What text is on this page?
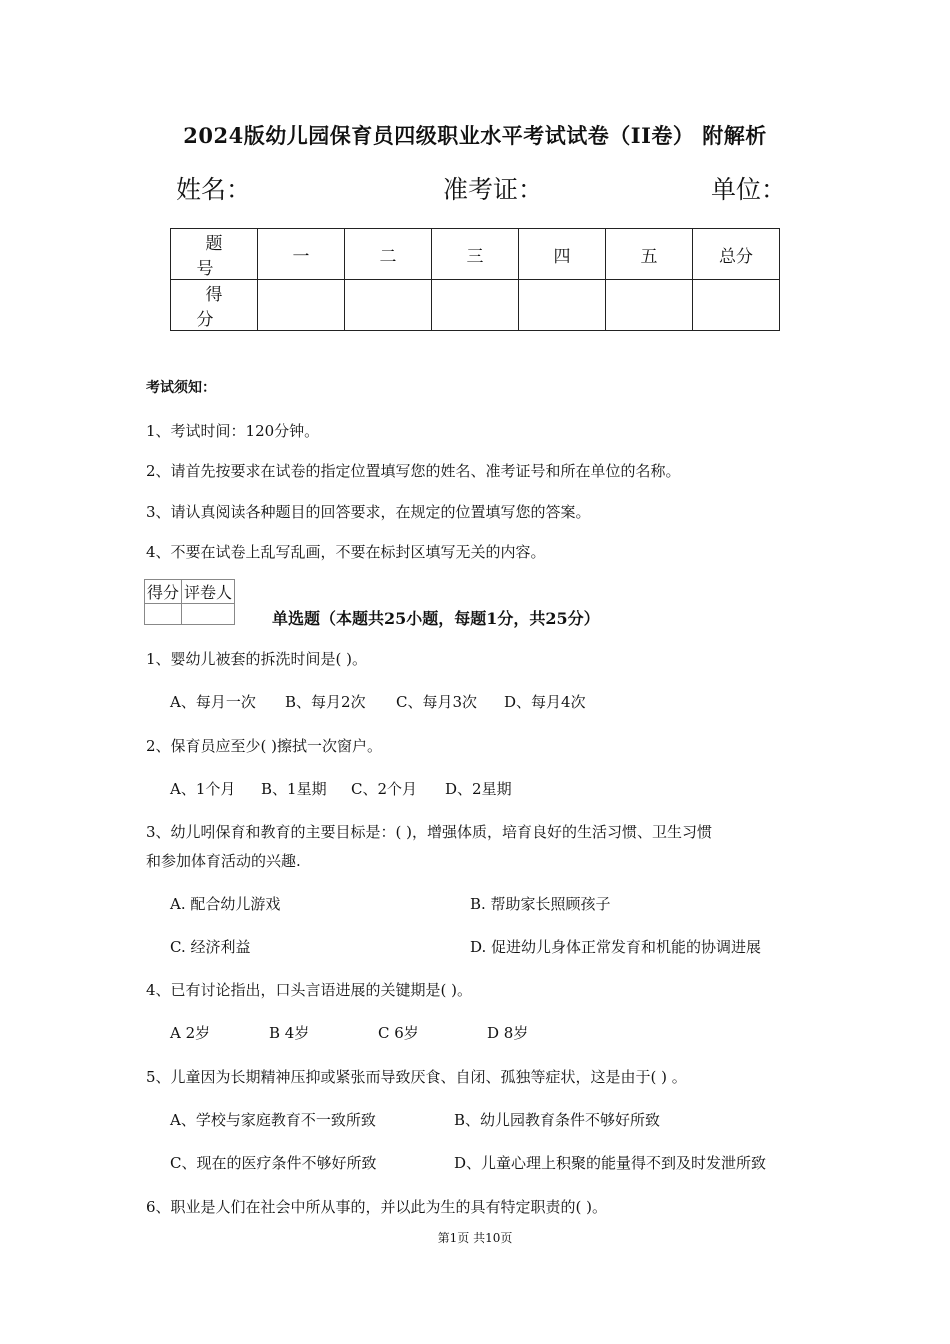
2024版幼儿园保育员四级职业水平考试试卷（II卷） 附解析
姓名：	准考证：	单位：
题号	一	二	三	四	五	总分
得分						
考试须知：
1、考试时间：120分钟。
2、请首先按要求在试卷的指定位置填写您的姓名、准考证号和所在单位的名称。
3、请认真阅读各种题目的回答要求，在规定的位置填写您的答案。
4、不要在试卷上乱写乱画，不要在标封区填写无关的内容。
得分	评卷人

单选题（本题共25小题，每题1分，共25分）
1、婴幼儿被套的拆洗时间是( )。
A、每月一次 B、每月2次 C、每月3次 D、每月4次
2、保育员应至少( )擦拭一次窗户。
A、1个月 B、1星期 C、2个月 D、2星期
3、幼儿吲保育和教育的主要目标是：( )，增强体质，培育良好的生活习惯、卫生习惯
和参加体育活动的兴趣.
A. 配合幼儿游戏	B. 帮助家长照顾孩子
C. 经济利益	D. 促进幼儿身体正常发育和机能的协调进展
4、已有讨论指出，口头言语进展的关键期是( )。
A 2岁	B 4岁	C 6岁	D 8岁
5、儿童因为长期精神压抑或紧张而导致厌食、自闭、孤独等症状，这是由于( ) 。
A、学校与家庭教育不一致所致	B、幼儿园教育条件不够好所致
C、现在的医疗条件不够好所致	D、儿童心理上积聚的能量得不到及时发泄所致
6、职业是人们在社会中所从事的，并以此为生的具有特定职责的( )。
第1页 共10页
